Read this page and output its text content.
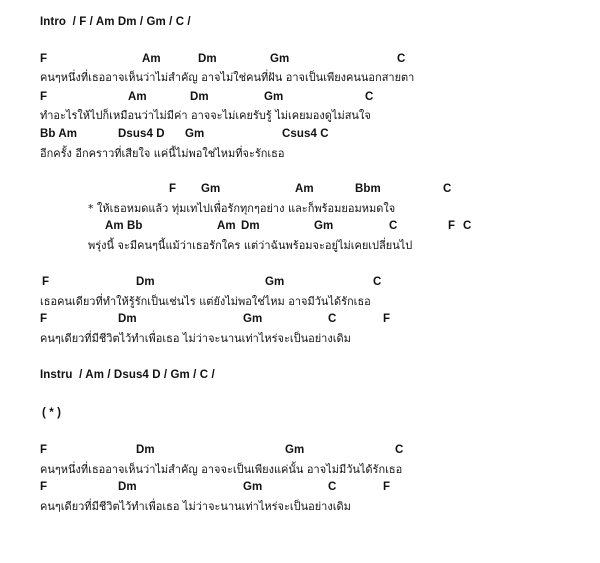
Intro  / F / Am Dm / Gm / C /

F

	Am

	Dm

	Gm

	C

คนๆหนึ่งที่เธออาจเห็นว่าไม่สำคัญ อาจไม่ใช่คนที่ฝัน อาจเป็นเพียงคนนอกสายตา

F

	Am

	Dm

	Gm

	C

ทำอะไรให้ไปก็เหมือนว่าไม่มีค่า อาจจะไม่เคยรับรู้ ไม่เคยมองดูไม่สนใจ

Bb Am

	Dsus4 D

Gm

	Csus4 C

อีกครั้ง อีกคราวที่เสียใจ แค่นี้ไม่พอใช่ไหมที่จะรักเธอ

F

Gm

	Am

	Bbm

	C

* ให้เธอหมดแล้ว ทุ่มเทไปเพื่อรักทุกๆอย่าง และก็พร้อมยอมหมดใจ

Am Bb

	Am

Dm

	Gm

	C

	F

C

พรุ่งนี้ จะมีคนๆนี้แม้ว่าเธอรักใคร แต่ว่าฉันพร้อมจะอยู่ไม่เคยเปลี่ยนไป

F

	Dm

	Gm

	C

เธอคนเดียวที่ทำให้รู้รักเป็นเช่นไร แต่ยังไม่พอใช่ไหม อาจมีวันได้รักเธอ

F

	Dm

	Gm

	C

	F

คนๆเดียวที่มีชีวิตไว้ทำเพื่อเธอ ไม่ว่าจะนานเท่าไหร่จะเป็นอย่างเดิม
Instru  / Am / Dsus4 D / Gm / C /
( * )

F

	Dm

	Gm

	C

คนๆหนึ่งที่เธออาจเห็นว่าไม่สำคัญ อาจจะเป็นเพียงแค่นั้น อาจไม่มีวันได้รักเธอ

F

	Dm

	Gm

	C

	F

คนๆเดียวที่มีชีวิตไว้ทำเพื่อเธอ ไม่ว่าจะนานเท่าไหร่จะเป็นอย่างเดิม
